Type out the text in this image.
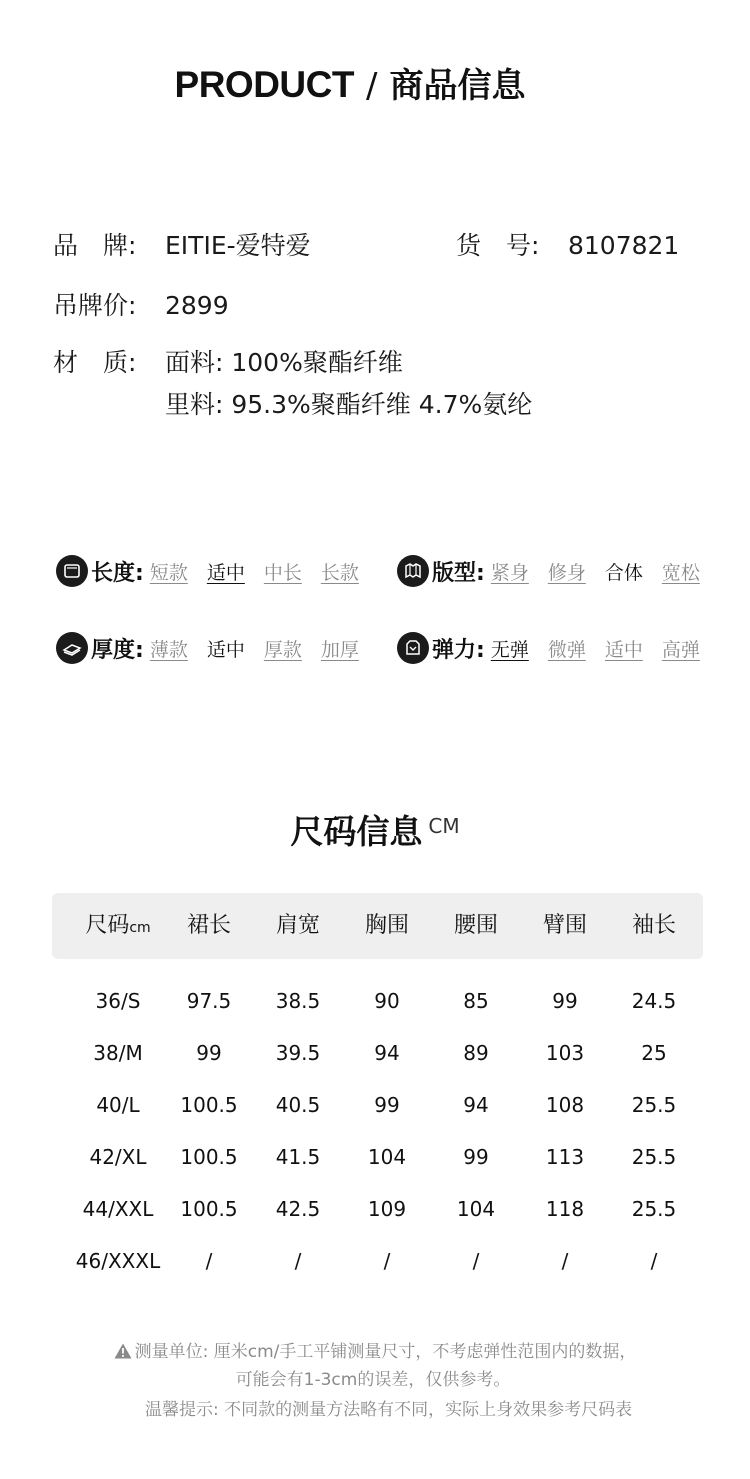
PRODUCT / 商品信息
品　牌: EITIE-爱特爱	货　号: 8107821
吊牌价: 2899
材　质: 面料: 100%聚酯纤维
里料: 95.3%聚酯纤维 4.7%氨纶
长度: 短款 适中 中长 长款	版型: 紧身 修身 合体 宽松
厚度: 薄款 适中 厚款 加厚	弹力: 无弹 微弹 适中 高弹
尺码信息 CM
尺码cm 裙长 肩宽 胸围 腰围 臂围 袖长
36/S 97.5 38.5	90	85	99	24.5
38/M	99	39.5	94	89	103	25
40/L 100.5 40.5	99	94	108 25.5
42/XL 100.5 41.5 104	99	113 25.5
44/XXL 100.5 42.5 109	104	118 25.5
46/XXXL /	/	/	/	/	/
测量单位: 厘米cm/手工平铺测量尺寸，不考虑弹性范围内的数据，
可能会有1-3cm的误差，仅供参考。
温馨提示: 不同款的测量方法略有不同，实际上身效果参考尺码表
